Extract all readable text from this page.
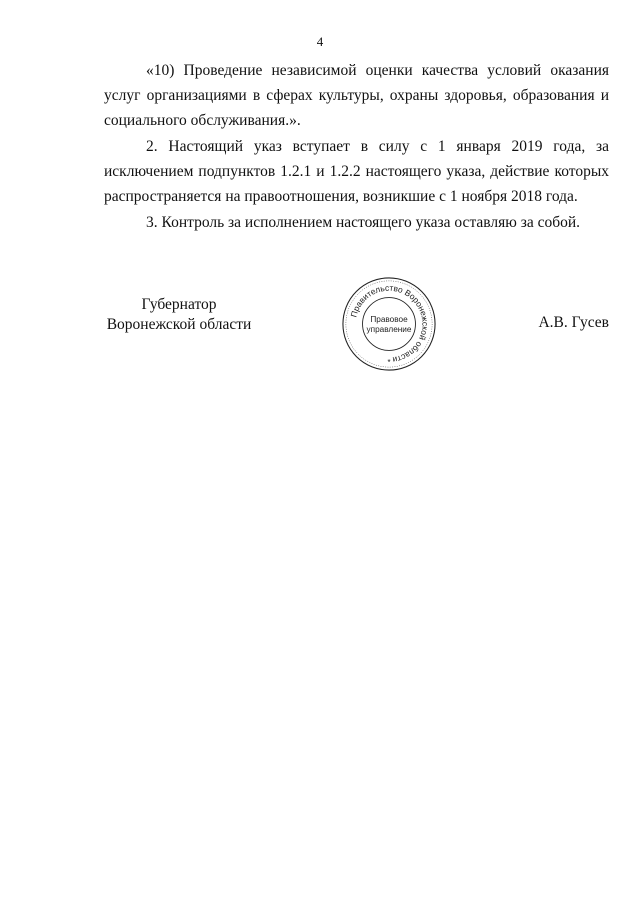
4

«10) Проведение независимой оценки качества условий оказания услуг организациями в сферах культуры, охраны здоровья, образования и социального обслуживания.».

2. Настоящий указ вступает в силу с 1 января 2019 года, за исключением подпунктов 1.2.1 и 1.2.2 настоящего указа, действие которых распространяется на правоотношения, возникшие с 1 ноября 2018 года.

3. Контроль за исполнением настоящего указа оставляю за собой.

Губернатор
Воронежской области
Правительство Воронежской области
Правовое
управление
*
А.В. Гусев
